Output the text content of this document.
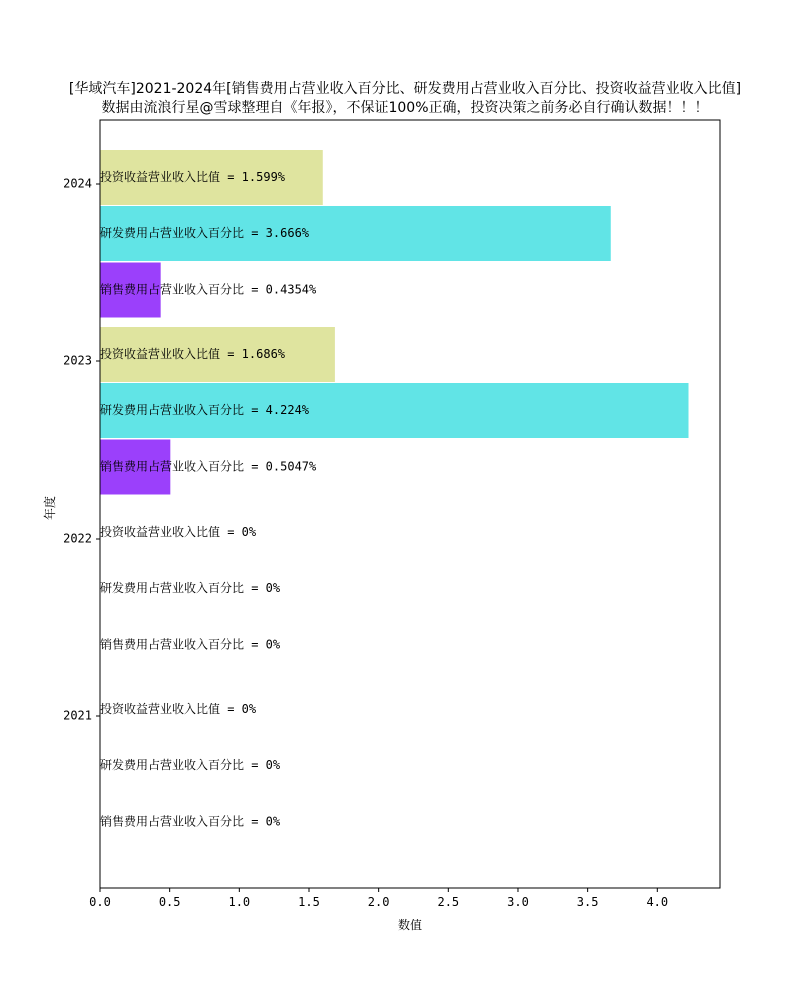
[华域汽车]2021-2024年[销售费用占营业收入百分比、研发费用占营业收入百分比、投资收益营业收入比值]
数据由流浪行星@雪球整理自《年报》，不保证100%正确，投资决策之前务必自行确认数据！！！
销售费用占营业收入百分比 = 0%
研发费用占营业收入百分比 = 0%
投资收益营业收入比值 = 0%
销售费用占营业收入百分比 = 0%
研发费用占营业收入百分比 = 0%
投资收益营业收入比值 = 0%
销售费用占营业收入百分比 = 0.5047%
研发费用占营业收入百分比 = 4.224%
投资收益营业收入比值 = 1.686%
销售费用占营业收入百分比 = 0.4354%
研发费用占营业收入百分比 = 3.666%
投资收益营业收入比值 = 1.599%
2021
2022
2023
2024
0.0	0.5	1.0	1.5	2.0	2.5	3.0	3.5	4.0
数值
年度
